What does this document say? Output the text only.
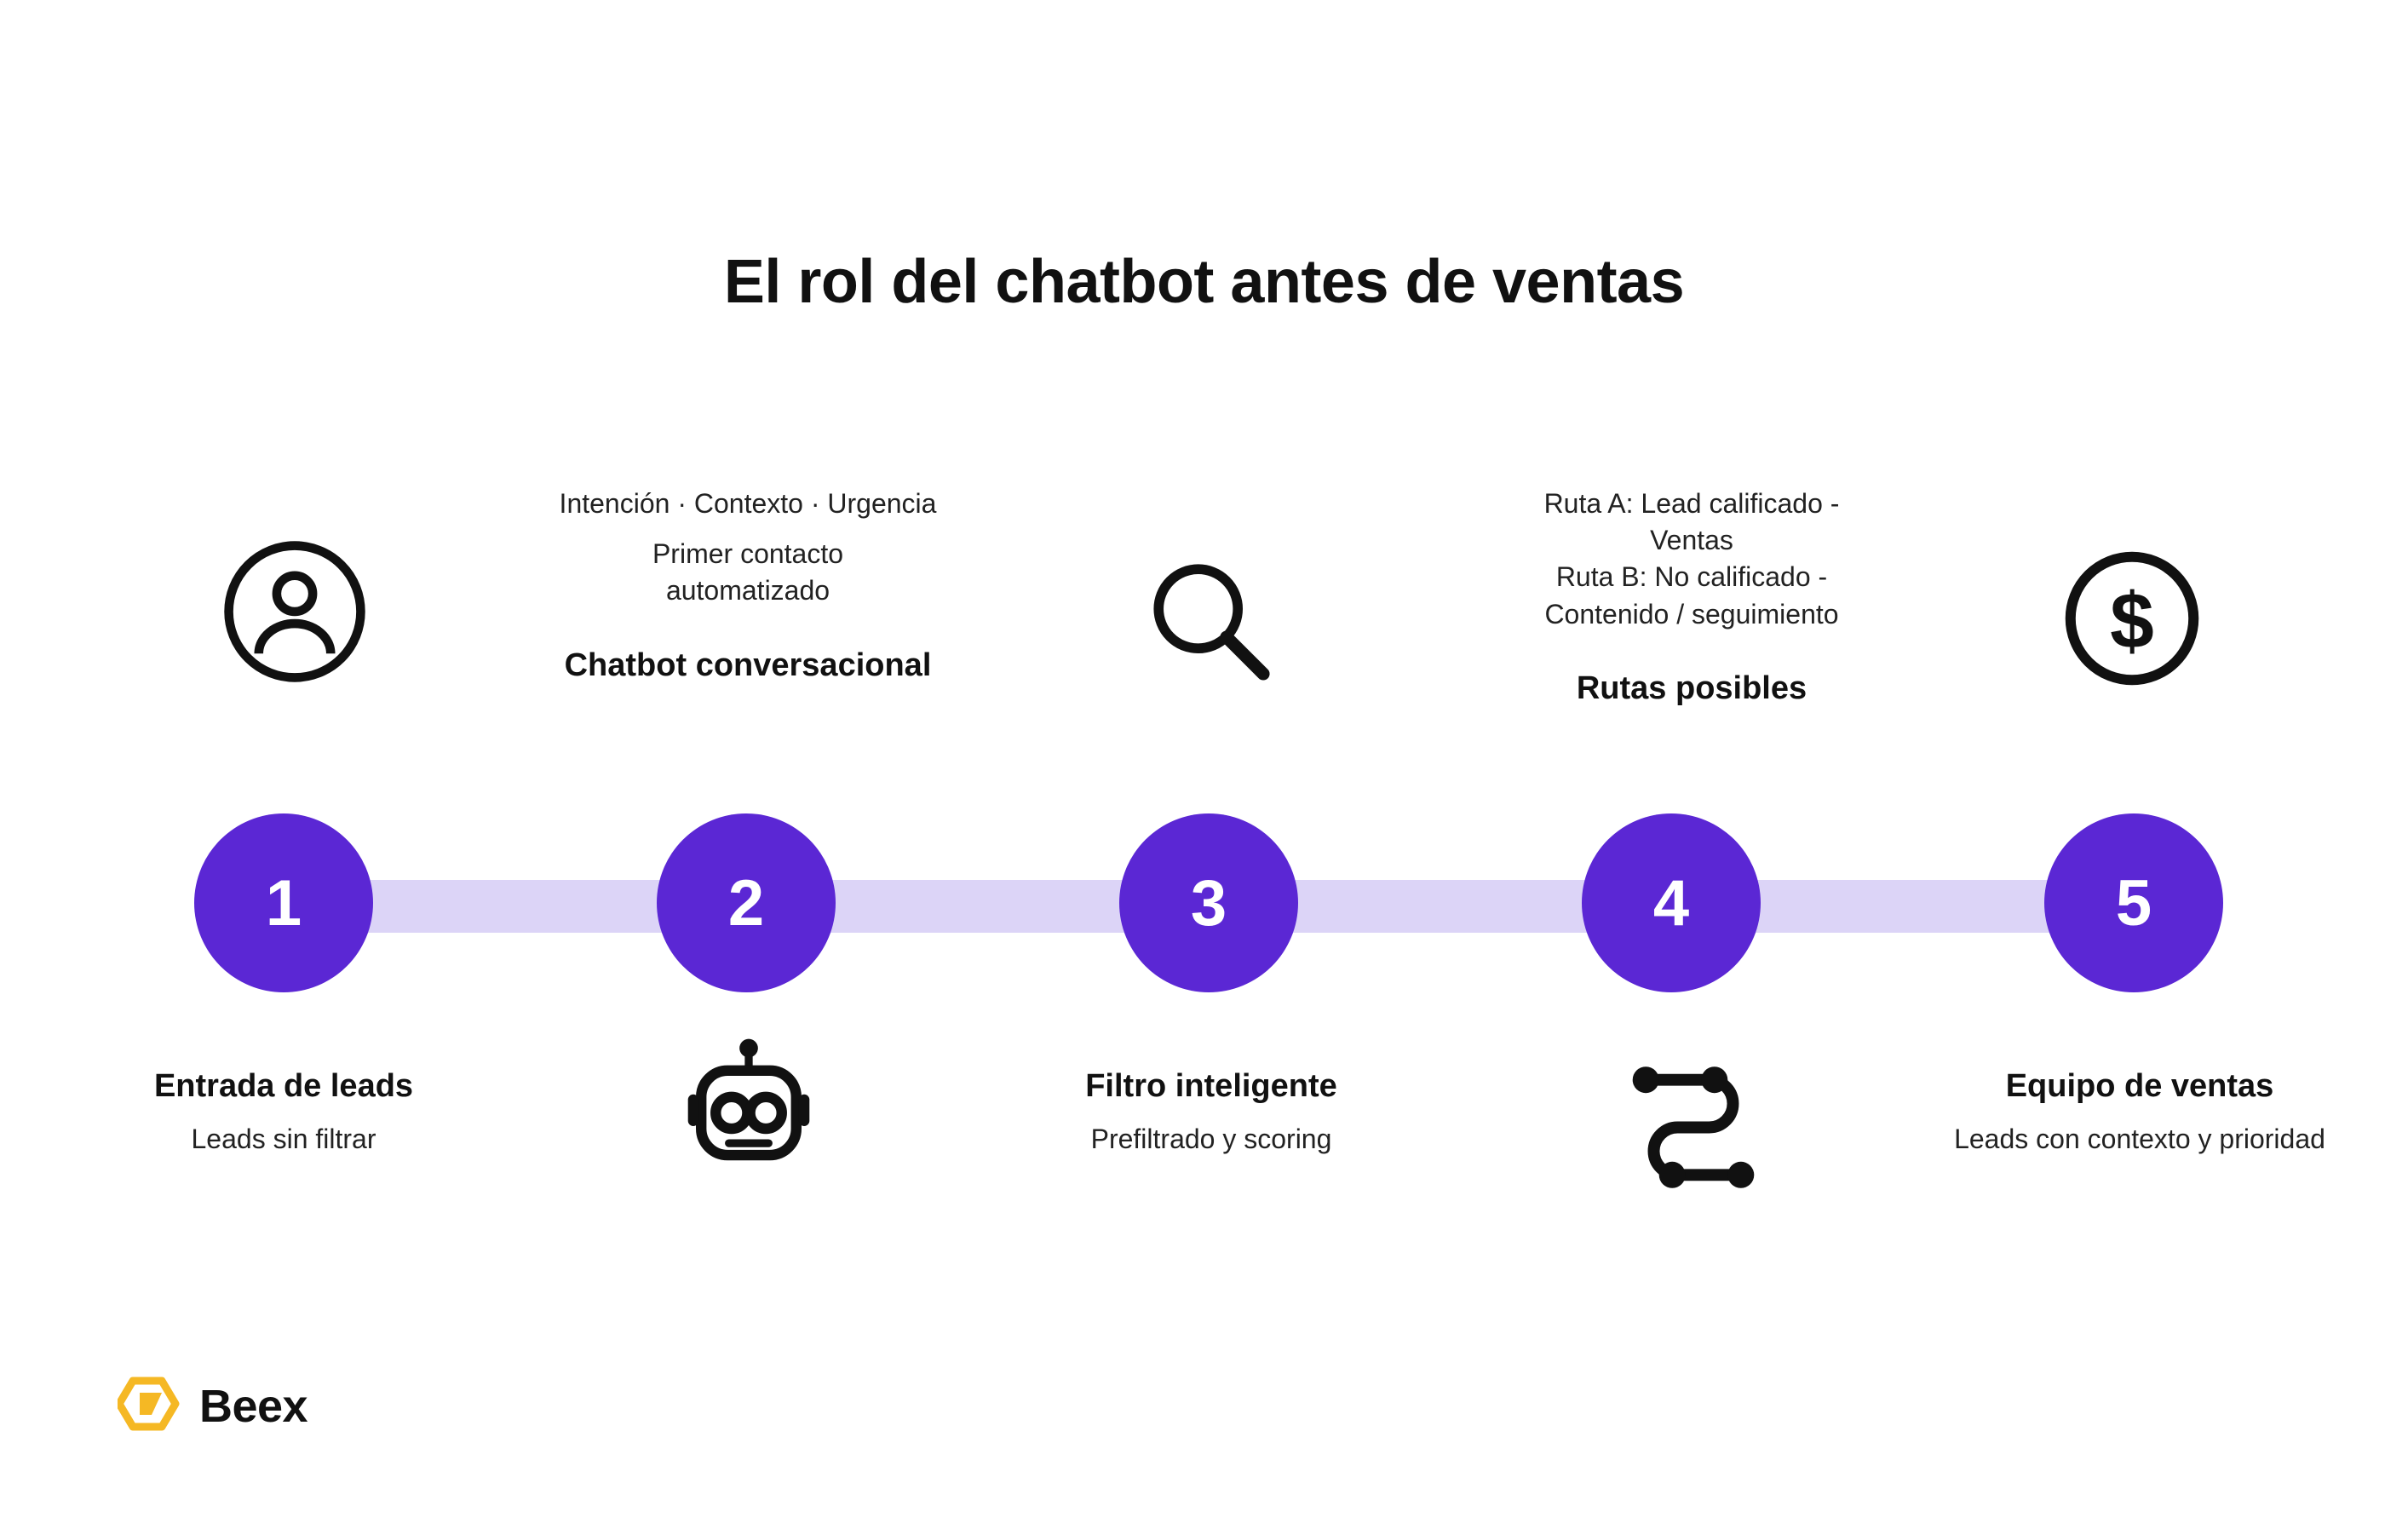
El rol del chatbot antes de ventas
Entrada de leads
Leads sin filtrar
Intención · Contexto · Urgencia
Primer contacto
automatizado
Chatbot conversacional
Filtro inteligente
Prefiltrado y scoring
Ruta A: Lead calificado -
Ventas
Ruta B: No calificado -
Contenido / seguimiento
Rutas posibles
$
Equipo de ventas
Leads con contexto y prioridad
1	2	3	4	5
Beex
